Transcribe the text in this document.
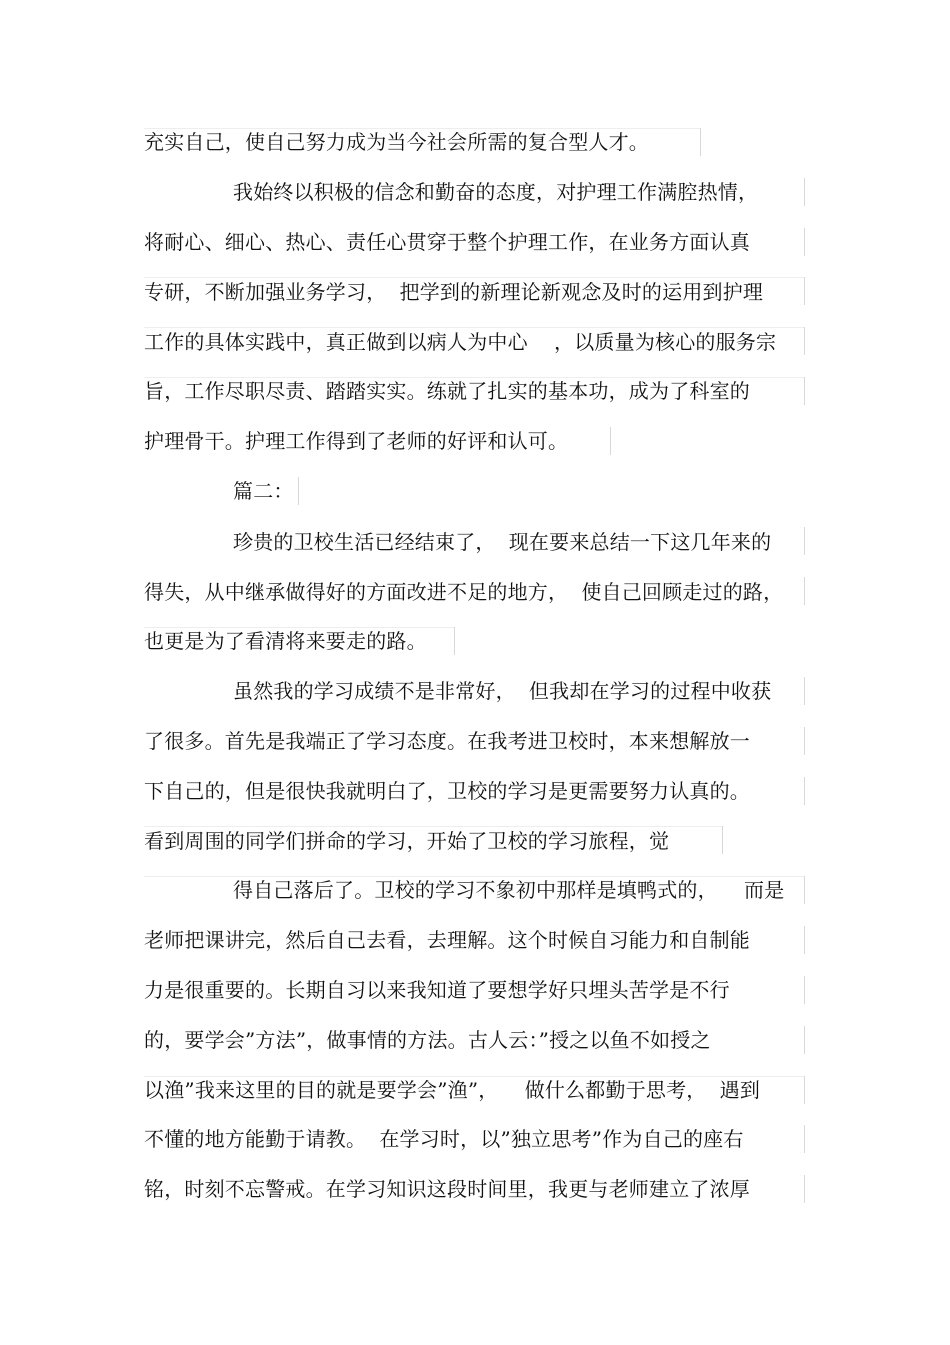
充实自己，使自己努力成为当今社会所需的复合型人才。
我始终以积极的信念和勤奋的态度，对护理工作满腔热情，
将耐心、细心、热心、责任心贯穿于整个护理工作，在业务方面认真
专研，不断加强业务学习，  把学到的新理论新观念及时的运用到护理
工作的具体实践中，真正做到以病人为中心    ，以质量为核心的服务宗
旨，工作尽职尽责、踏踏实实。练就了扎实的基本功，成为了科室的
护理骨干。护理工作得到了老师的好评和认可。
篇二：
珍贵的卫校生活已经结束了，  现在要来总结一下这几年来的
得失，从中继承做得好的方面改进不足的地方，  使自己回顾走过的路，
也更是为了看清将来要走的路。
虽然我的学习成绩不是非常好，  但我却在学习的过程中收获
了很多。首先是我端正了学习态度。在我考进卫校时，本来想解放一
下自己的，但是很快我就明白了，卫校的学习是更需要努力认真的。
看到周围的同学们拼命的学习，开始了卫校的学习旅程，觉
得自己落后了。卫校的学习不象初中那样是填鸭式的，    而是
老师把课讲完，然后自己去看，去理解。这个时候自习能力和自制能
力是很重要的。长期自习以来我知道了要想学好只埋头苦学是不行
的，要学会”方法”，做事情的方法。古人云：”授之以鱼不如授之
以渔”我来这里的目的就是要学会”渔”，    做什么都勤于思考，  遇到
不懂的地方能勤于请教。  在学习时，以”独立思考”作为自己的座右
铭，时刻不忘警戒。在学习知识这段时间里，我更与老师建立了浓厚
